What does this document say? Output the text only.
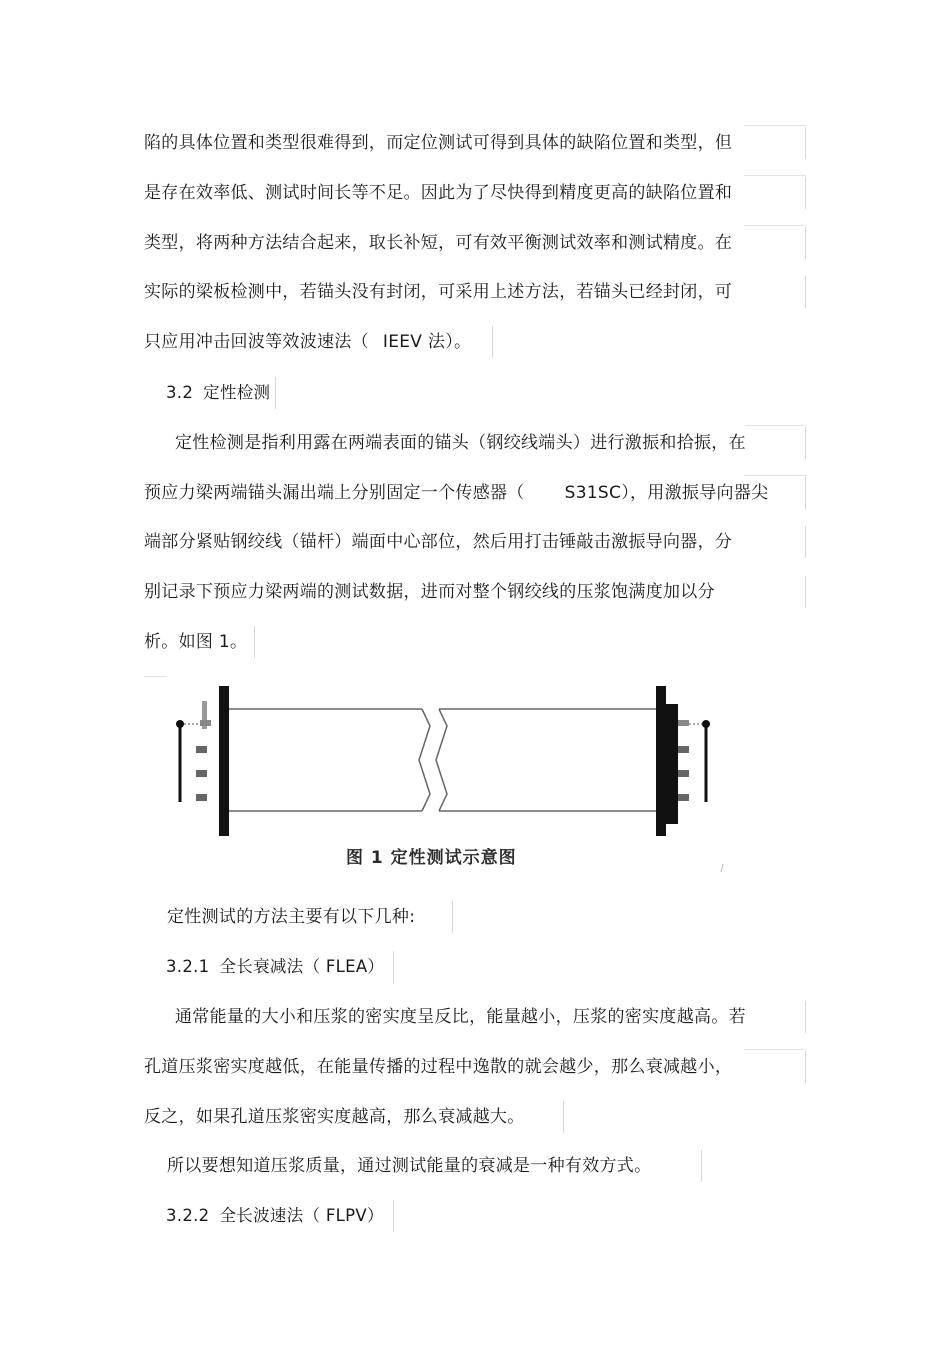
陷的具体位置和类型很难得到，而定位测试可得到具体的缺陷位置和类型，但
是存在效率低、测试时间长等不足。因此为了尽快得到精度更高的缺陷位置和
类型，将两种方法结合起来，取长补短，可有效平衡测试效率和测试精度。在
实际的梁板检测中，若锚头没有封闭，可采用上述方法，若锚头已经封闭，可
只应用冲击回波等效波速法（ IEEV 法）。
3.2 定性检测
定性检测是指利用露在两端表面的锚头（钢绞线端头）进行激振和拾振，在
预应力梁两端锚头漏出端上分别固定一个传感器（ S31SC），用激振导向器尖
端部分紧贴钢绞线（锚杆）端面中心部位，然后用打击锤敲击激振导向器，分
别记录下预应力梁两端的测试数据，进而对整个钢绞线的压浆饱满度加以分
析。如图 1。
图 1 定性测试示意图
定性测试的方法主要有以下几种:
3.2.1 全长衰减法（ FLEA）
通常能量的大小和压浆的密实度呈反比，能量越小，压浆的密实度越高。若
孔道压浆密实度越低，在能量传播的过程中逸散的就会越少，那么衰减越小，
反之，如果孔道压浆密实度越高，那么衰减越大。
所以要想知道压浆质量，通过测试能量的衰减是一种有效方式。
3.2.2 全长波速法（ FLPV）
